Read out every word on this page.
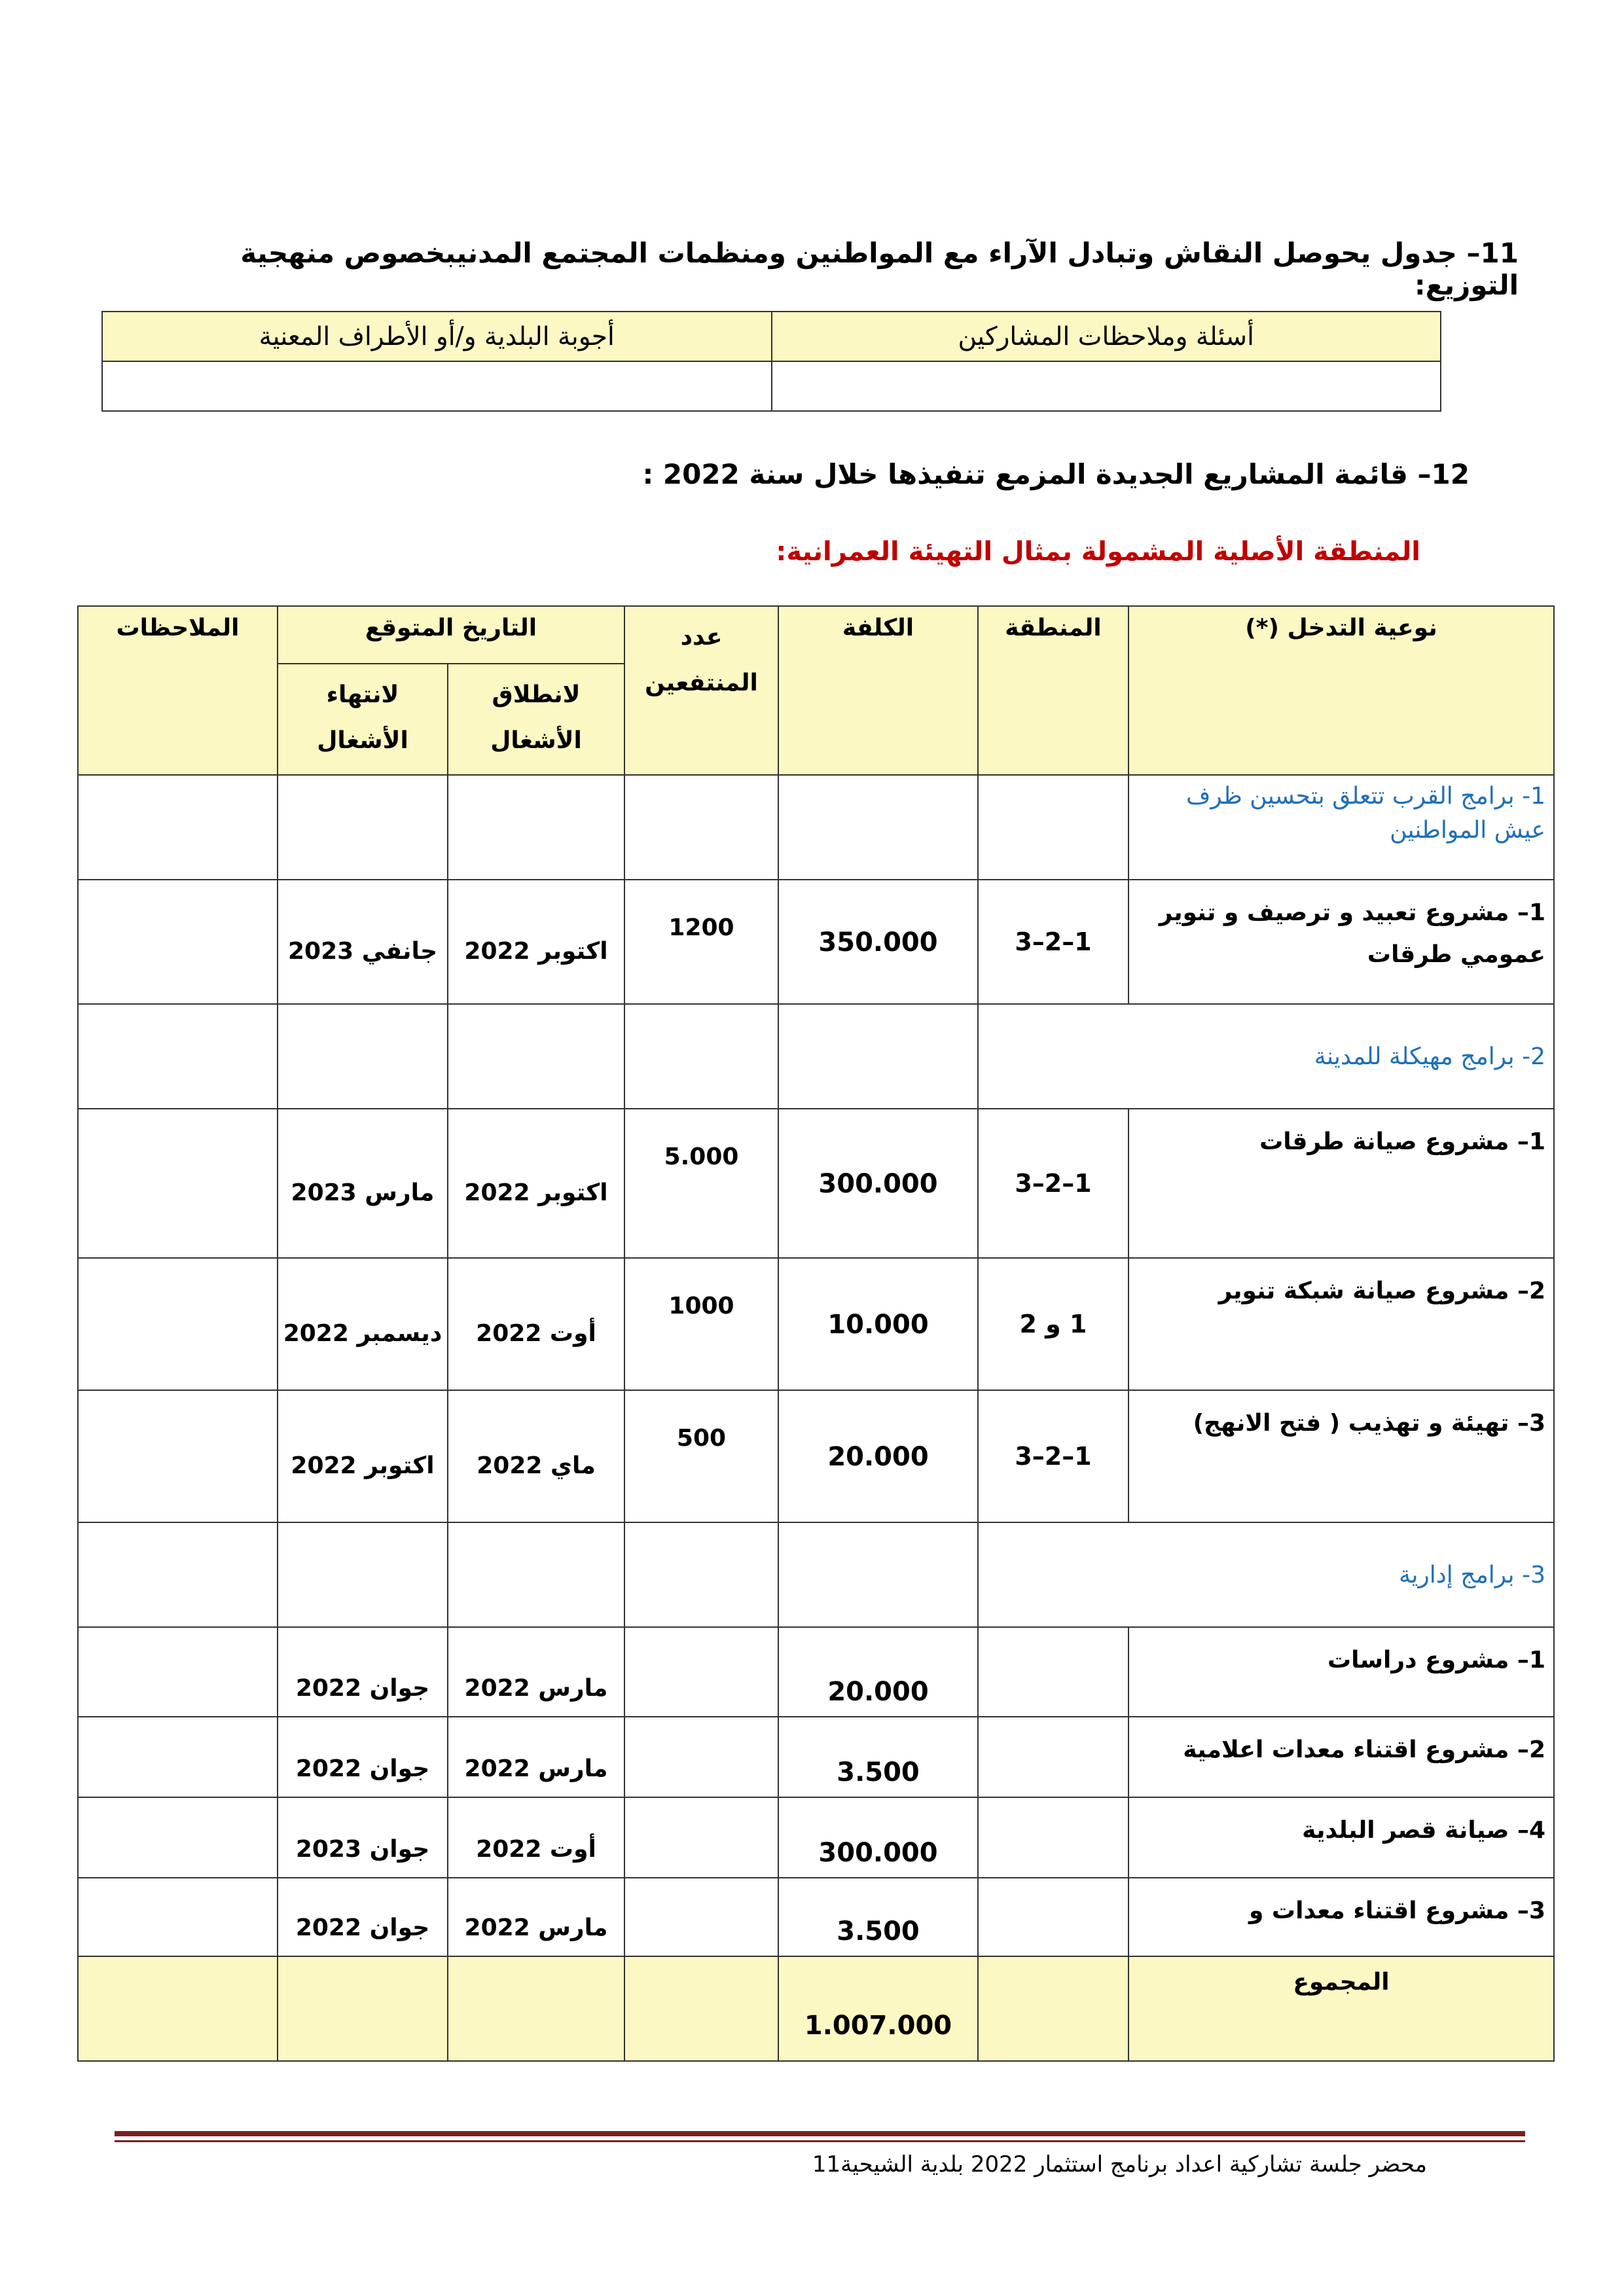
11– جدول يحوصل النقاش وتبادل الآراء مع المواطنين ومنظمات المجتمع المدنيبخصوص منهجية التوزيع:
أسئلة وملاحظات المشاركين	أجوبة البلدية و/أو الأطراف المعنية

12– قائمة المشاريع الجديدة المزمع تنفيذها خلال سنة 2022 :
المنطقة الأصلية المشمولة بمثال التهيئة العمرانية:
نوعية التدخل (*)	المنطقة	الكلفة	عدد المنتفعين	التاريخ المتوقع		الملاحظات
				لانطلاق الأشغال	لانتهاء الأشغال	
1- برامج القرب تتعلق بتحسين ظرف عيش المواطنين						
1– مشروع تعبيد و ترصيف و تنوير عمومي طرقات	1–2–3	350.000	1200	اكتوبر 2022	جانفي 2023	
2- برامج مهيكلة للمدينة						
1– مشروع صيانة طرقات	1–2–3	300.000	5.000	اكتوبر 2022	مارس 2023	
2– مشروع صيانة شبكة تنوير	1 و 2	10.000	1000	أوت 2022	ديسمبر 2022	
3– تهيئة و تهذيب ( فتح الانهج)	1–2–3	20.000	500	ماي 2022	اكتوبر 2022	
3- برامج إدارية						
1– مشروع دراسات		20.000		مارس 2022	جوان 2022	
2– مشروع اقتناء معدات اعلامية		3.500		مارس 2022	جوان 2022	
4– صيانة قصر البلدية		300.000		أوت 2022	جوان 2023	
3– مشروع اقتناء معدات و		3.500		مارس 2022	جوان 2022	
المجموع		1.007.000				
محضر جلسة تشاركية اعداد برنامج استثمار 2022 بلدية الشيحية11
